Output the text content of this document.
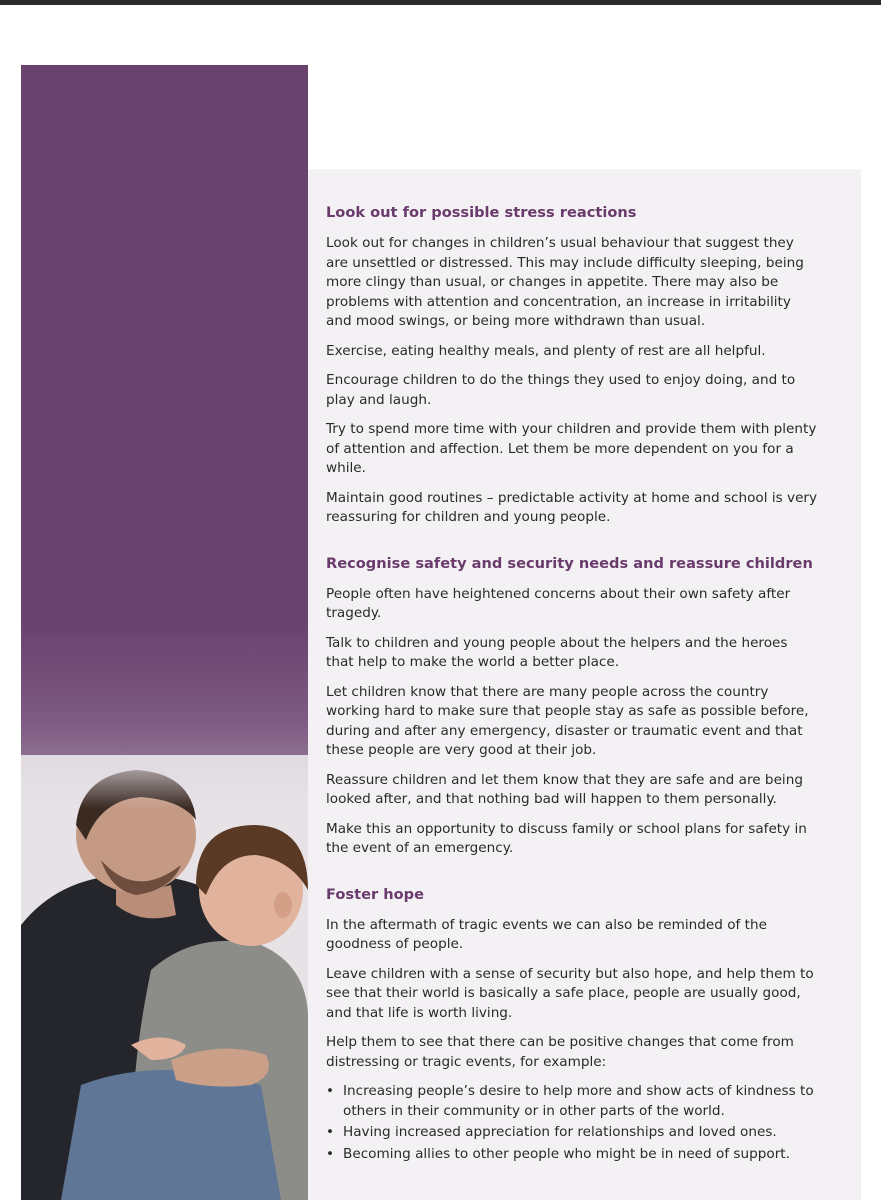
Look out for possible stress reactions

Look out for changes in children’s usual behaviour that suggest they are unsettled or distressed. This may include difficulty sleeping, being more clingy than usual, or changes in appetite. There may also be problems with attention and concentration, an increase in irritability and mood swings, or being more withdrawn than usual.

Exercise, eating healthy meals, and plenty of rest are all helpful.

Encourage children to do the things they used to enjoy doing, and to play and laugh.

Try to spend more time with your children and provide them with plenty of attention and affection. Let them be more dependent on you for a while.

Maintain good routines – predictable activity at home and school is very reassuring for children and young people.

Recognise safety and security needs and reassure children

People often have heightened concerns about their own safety after tragedy.

Talk to children and young people about the helpers and the heroes that help to make the world a better place.

Let children know that there are many people across the country working hard to make sure that people stay as safe as possible before, during and after any emergency, disaster or traumatic event and that these people are very good at their job.

Reassure children and let them know that they are safe and are being looked after, and that nothing bad will happen to them personally.

Make this an opportunity to discuss family or school plans for safety in the event of an emergency.

Foster hope

In the aftermath of tragic events we can also be reminded of the goodness of people.

Leave children with a sense of security but also hope, and help them to see that their world is basically a safe place, people are usually good, and that life is worth living.

Help them to see that there can be positive changes that come from distressing or tragic events, for example:

• Increasing people’s desire to help more and show acts of kindness to others in their community or in other parts of the world.
• Having increased appreciation for relationships and loved ones.
• Becoming allies to other people who might be in need of support.
